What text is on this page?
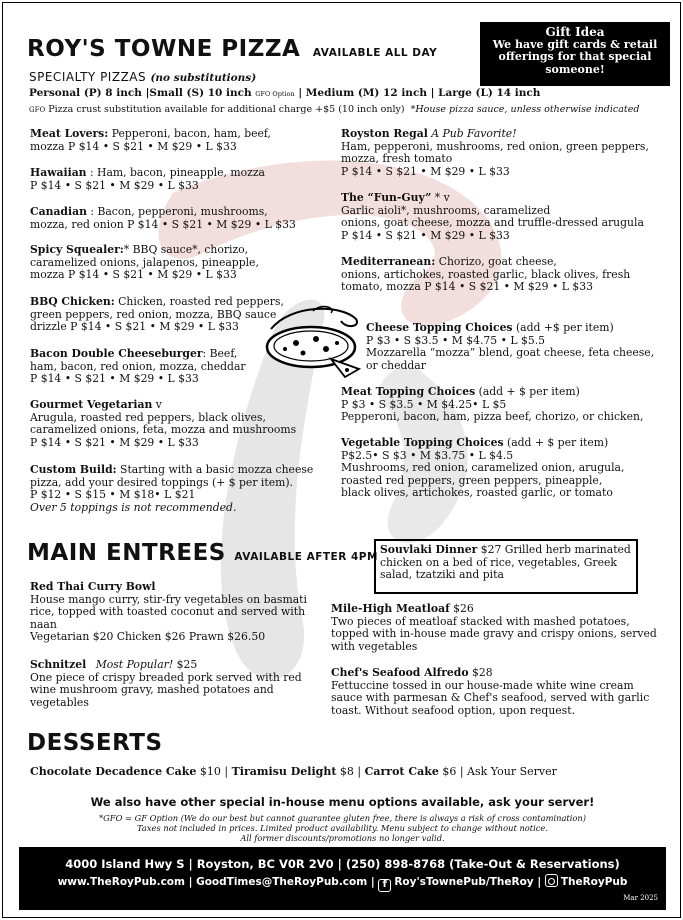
ROY'S TOWNE PIZZA AVAILABLE ALL DAY
Gift Idea
We have gift cards & retail offerings for that special someone!
SPECIALTY PIZZAS (no substitutions)
Personal (P) 8 inch |Small (S) 10 inch GFO Option | Medium (M) 12 inch | Large (L) 14 inch
GFO Pizza crust substitution available for additional charge +$5 (10 inch only) *House pizza sauce, unless otherwise indicated
Meat Lovers: Pepperoni, bacon, ham, beef,
mozza P $14 • S $21 • M $29 • L $33
Hawaiian : Ham, bacon, pineapple, mozza
P $14 • S $21 • M $29 • L $33
Canadian : Bacon, pepperoni, mushrooms,
mozza, red onion P $14 • S $21 • M $29 • L $33
Spicy Squealer:* BBQ sauce*, chorizo,
caramelized onions, jalapenos, pineapple,
mozza P $14 • S $21 • M $29 • L $33
BBQ Chicken: Chicken, roasted red peppers,
green peppers, red onion, mozza, BBQ sauce
drizzle P $14 • S $21 • M $29 • L $33
Bacon Double Cheeseburger: Beef,
ham, bacon, red onion, mozza, cheddar
P $14 • S $21 • M $29 • L $33
Gourmet Vegetarian v
Arugula, roasted red peppers, black olives,
caramelized onions, feta, mozza and mushrooms
P $14 • S $21 • M $29 • L $33
Custom Build: Starting with a basic mozza cheese
pizza, add your desired toppings (+ $ per item).
P $12 • S $15 • M $18• L $21
Over 5 toppings is not recommended.
Royston Regal A Pub Favorite!
Ham, pepperoni, mushrooms, red onion, green peppers,
mozza, fresh tomato
P $14 • S $21 • M $29 • L $33
The “Fun-Guy” * v
Garlic aioli*, mushrooms, caramelized
onions, goat cheese, mozza and truffle-dressed arugula
P $14 • S $21 • M $29 • L $33
Mediterranean: Chorizo, goat cheese,
onions, artichokes, roasted garlic, black olives, fresh
tomato, mozza P $14 • S $21 • M $29 • L $33
Cheese Topping Choices (add +$ per item)
P $3 • S $3.5 • M $4.75 • L $5.5
Mozzarella “mozza” blend, goat cheese, feta cheese,
or cheddar
Meat Topping Choices (add + $ per item)
P $3 • S $3.5 • M $4.25• L $5
Pepperoni, bacon, ham, pizza beef, chorizo, or chicken,
Vegetable Topping Choices (add + $ per item)
P$2.5• S $3 • M $3.75 • L $4.5
Mushrooms, red onion, caramelized onion, arugula,
roasted red peppers, green peppers, pineapple,
black olives, artichokes, roasted garlic, or tomato
MAIN ENTREES AVAILABLE AFTER 4PM
Souvlaki Dinner $27 Grilled herb marinated chicken on a bed of rice, vegetables, Greek salad, tzatziki and pita
Red Thai Curry Bowl
House mango curry, stir-fry vegetables on basmati
rice, topped with toasted coconut and served with
naan
Vegetarian $20 Chicken $26 Prawn $26.50
Schnitzel Most Popular! $25
One piece of crispy breaded pork served with red
wine mushroom gravy, mashed potatoes and
vegetables
Mile-High Meatloaf $26
Two pieces of meatloaf stacked with mashed potatoes,
topped with in-house made gravy and crispy onions, served
with vegetables
Chef's Seafood Alfredo $28
Fettuccine tossed in our house-made white wine cream
sauce with parmesan & Chef's seafood, served with garlic
toast. Without seafood option, upon request.
DESSERTS
Chocolate Decadence Cake $10 | Tiramisu Delight $8 | Carrot Cake $6 | Ask Your Server
We also have other special in-house menu options available, ask your server!
*GFO = GF Option (We do our best but cannot guarantee gluten free, there is always a risk of cross contamination)
Taxes not included in prices. Limited product availability. Menu subject to change without notice.
All former discounts/promotions no longer valid.
4000 Island Hwy S | Royston, BC V0R 2V0 | (250) 898-8768 (Take-Out & Reservations)
www.TheRoyPub.com | GoodTimes@TheRoyPub.com | f Roy'sTownePub/TheRoy | TheRoyPub
Mar 2025
